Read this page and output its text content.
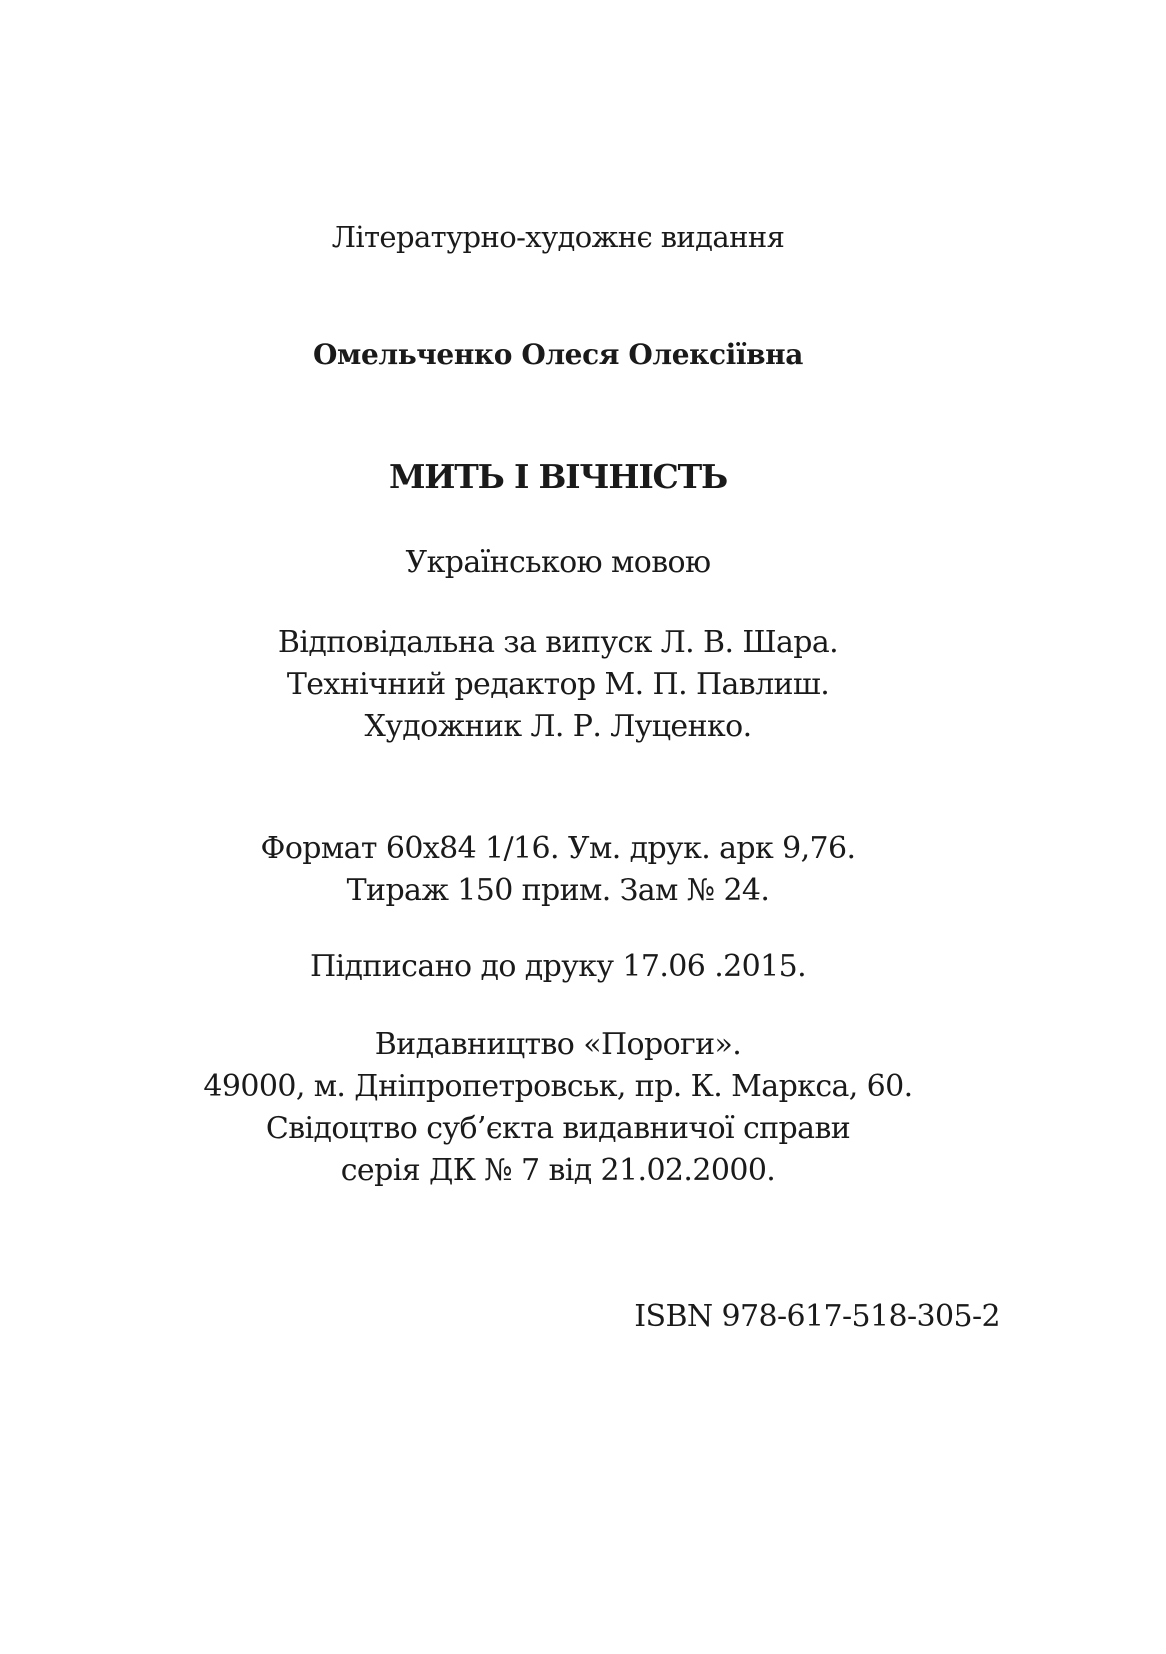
Літературно-художнє видання
Омельченко Олеся Олексіївна
МИТЬ І ВІЧНІСТЬ
Українською мовою
Відповідальна за випуск Л. В. Шара.
Технічний редактор М. П. Павлиш.
Художник Л. Р. Луценко.
Формат 60x84 1/16. Ум. друк. арк 9,76.
Тираж 150 прим. Зам № 24.
Підписано до друку 17.06 .2015.
Видавництво «Пороги».
49000, м. Дніпропетровськ, пр. К. Маркса, 60.
Свідоцтво суб’єкта видавничої справи
серія ДК № 7 від 21.02.2000.
ISBN 978-617-518-305-2
